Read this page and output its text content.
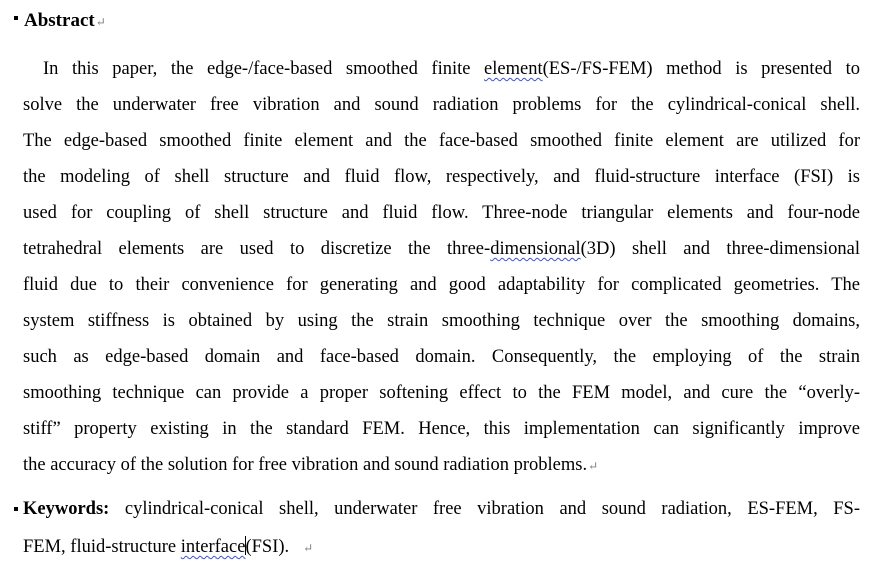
Abstract↵
In this paper, the edge-/face-based smoothed finite element(ES-/FS-FEM) method is presented to
solve the underwater free vibration and sound radiation problems for the cylindrical-conical shell.
The edge-based smoothed finite element and the face-based smoothed finite element are utilized for
the modeling of shell structure and fluid flow, respectively, and fluid-structure interface (FSI) is
used for coupling of shell structure and fluid flow. Three-node triangular elements and four-node
tetrahedral elements are used to discretize the three-dimensional(3D) shell and three-dimensional
fluid due to their convenience for generating and good adaptability for complicated geometries. The
system stiffness is obtained by using the strain smoothing technique over the smoothing domains,
such as edge-based domain and face-based domain. Consequently, the employing of the strain
smoothing technique can provide a proper softening effect to the FEM model, and cure the “overly-
stiff” property existing in the standard FEM. Hence, this implementation can significantly improve
the accuracy of the solution for free vibration and sound radiation problems.↵
Keywords: cylindrical-conical shell, underwater free vibration and sound radiation, ES-FEM, FS-
FEM, fluid-structure interface(FSI). ↵
